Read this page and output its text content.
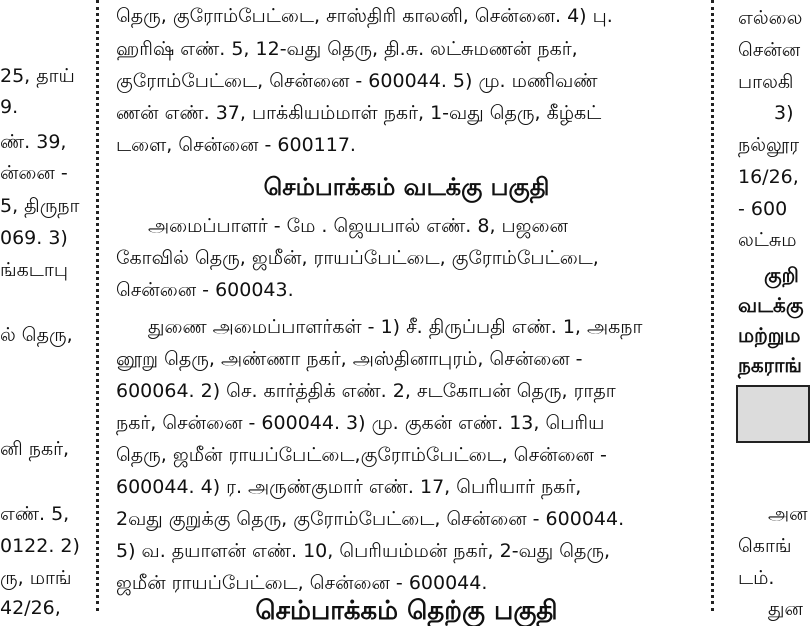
25, தாய்
9.
ண். 39,
ன்னை -
5, திருநா
069. 3)
ங்கடாபு
ல் தெரு,
னி நகர்,
எண். 5,
0122. 2)
ரு, மாங்
42/26,
தெரு, குரோம்பேட்டை, சாஸ்திரி காலனி, சென்னை. 4) பு.
ஹரிஷ் எண். 5, 12-வது தெரு, தி.சு. லட்சுமணன் நகர்,
குரோம்பேட்டை, சென்னை - 600044. 5) மு. மணிவண்
ணன் எண். 37, பாக்கியம்மாள் நகர், 1-வது தெரு, கீழ்கட்
டளை, சென்னை - 600117.
செம்பாக்கம் வடக்கு பகுதி
அமைப்பாளர் - மே . ஜெயபால் எண். 8, பஜனை
கோவில் தெரு, ஜமீன், ராயப்பேட்டை, குரோம்பேட்டை,
சென்னை - 600043.
துணை அமைப்பாளர்கள் - 1) சீ. திருப்பதி எண். 1, அகநா
னூறு தெரு, அண்ணா நகர், அஸ்தினாபுரம், சென்னை -
600064. 2) செ. கார்த்திக் எண். 2, சடகோபன் தெரு, ராதா
நகர், சென்னை - 600044. 3) மு. குகன் எண். 13, பெரிய
தெரு, ஜமீன் ராயப்பேட்டை,குரோம்பேட்டை, சென்னை -
600044. 4) ர. அருண்குமார் எண். 17, பெரியார் நகர்,
2வது குறுக்கு தெரு, குரோம்பேட்டை, சென்னை - 600044.
5) வ. தயாளன் எண். 10, பெரியம்மன் நகர், 2-வது தெரு,
ஜமீன் ராயப்பேட்டை, சென்னை - 600044.
செம்பாக்கம் தெற்கு பகுதி
எல்லை
சென்ன
பாலகி
3)
நல்லூர
16/26,
- 600
லட்சும
குறி
வடக்கு
மற்றும
நகராங்
அன
கொங்
டம்.
துன
